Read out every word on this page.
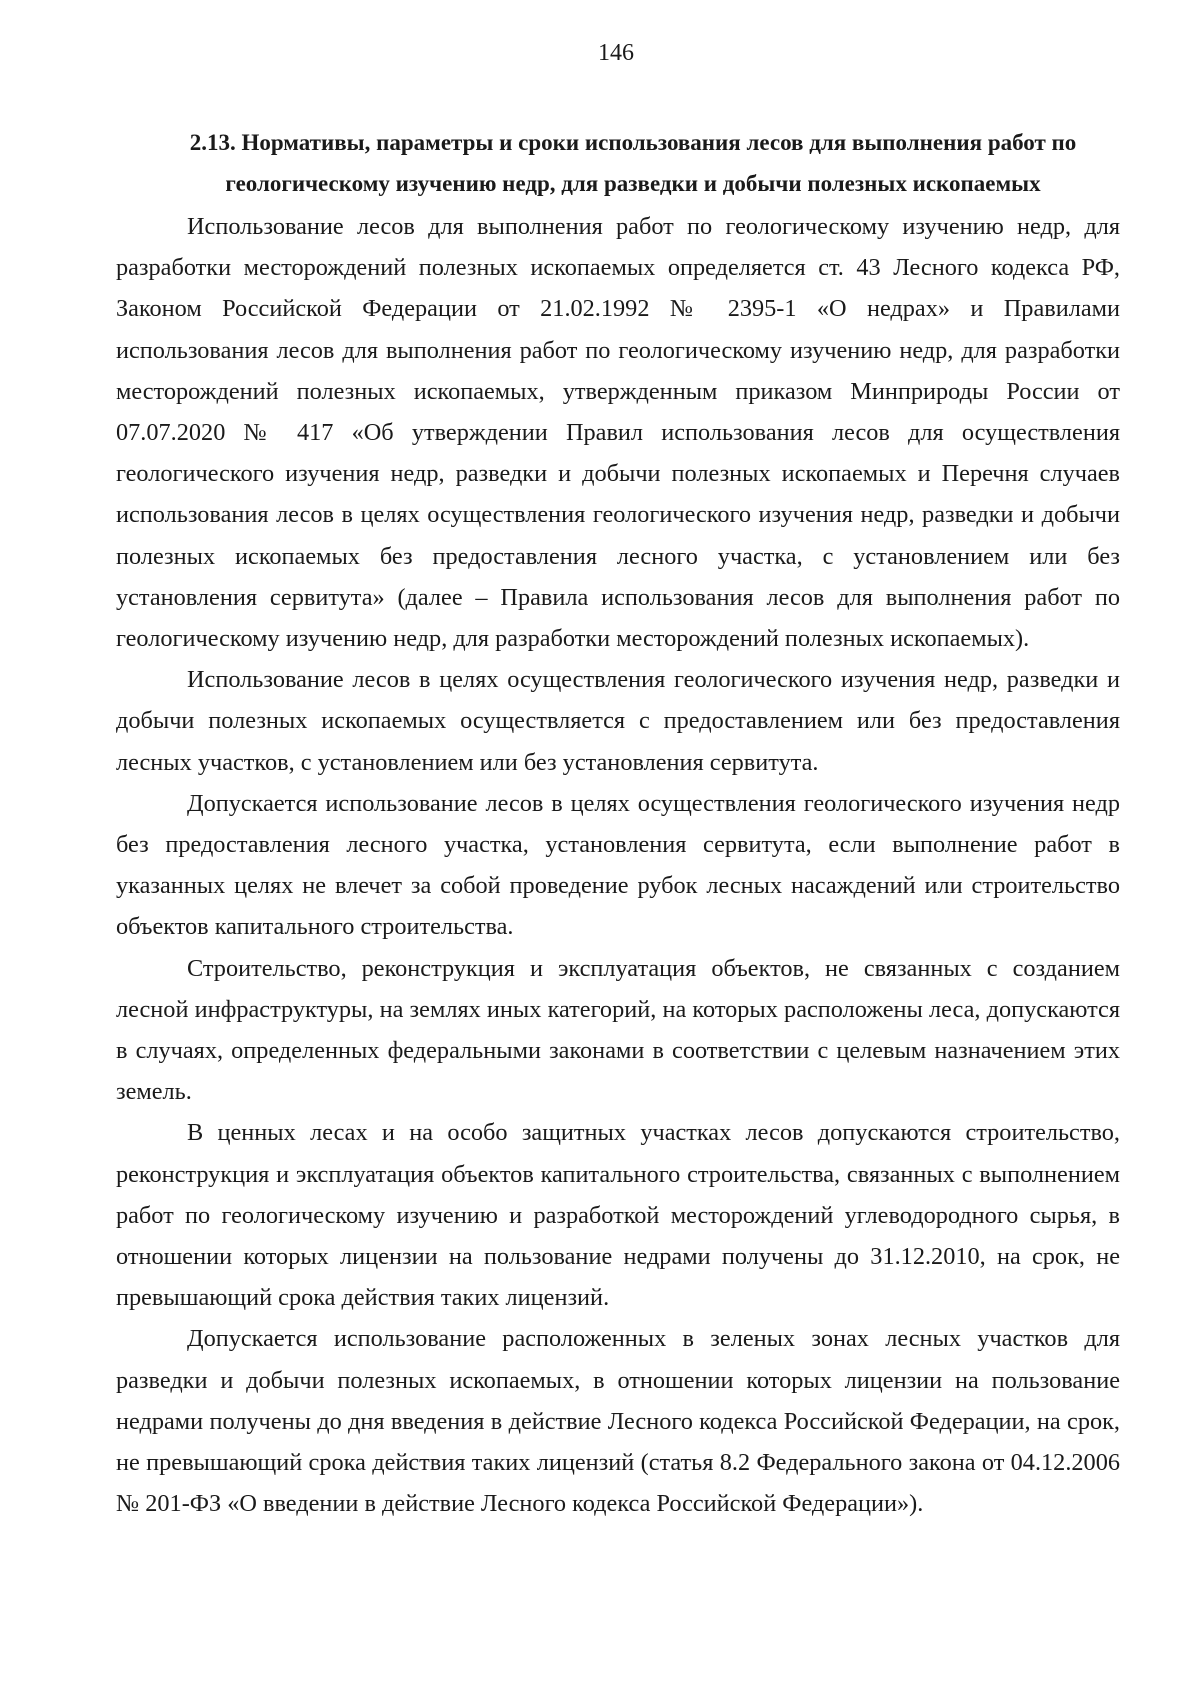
146
2.13. Нормативы, параметры и сроки использования лесов для выполнения работ по геологическому изучению недр, для разведки и добычи полезных ископаемых

Использование лесов для выполнения работ по геологическому изучению недр, для разработки месторождений полезных ископаемых определяется ст. 43 Лесного кодекса РФ, Законом Российской Федерации от 21.02.1992 № 2395-1 «О недрах» и Правилами использования лесов для выполнения работ по геологическому изучению недр, для разработки месторождений полезных ископаемых, утвержденным приказом Минприроды России от 07.07.2020 № 417 «Об утверждении Правил использования лесов для осуществления геологического изучения недр, разведки и добычи полезных ископаемых и Перечня случаев использования лесов в целях осуществления геологического изучения недр, разведки и добычи полезных ископаемых без предоставления лесного участка, с установлением или без установления сервитута» (далее – Правила использования лесов для выполнения работ по геологическому изучению недр, для разработки месторождений полезных ископаемых).

Использование лесов в целях осуществления геологического изучения недр, разведки и добычи полезных ископаемых осуществляется с предоставлением или без предоставления лесных участков, с установлением или без установления сервитута.

Допускается использование лесов в целях осуществления геологического изучения недр без предоставления лесного участка, установления сервитута, если выполнение работ в указанных целях не влечет за собой проведение рубок лесных насаждений или строительство объектов капитального строительства.

Строительство, реконструкция и эксплуатация объектов, не связанных с созданием лесной инфраструктуры, на землях иных категорий, на которых расположены леса, допускаются в случаях, определенных федеральными законами в соответствии с целевым назначением этих земель.

В ценных лесах и на особо защитных участках лесов допускаются строительство, реконструкция и эксплуатация объектов капитального строительства, связанных с выполнением работ по геологическому изучению и разработкой месторождений углеводородного сырья, в отношении которых лицензии на пользование недрами получены до 31.12.2010, на срок, не превышающий срока действия таких лицензий.

Допускается использование расположенных в зеленых зонах лесных участков для разведки и добычи полезных ископаемых, в отношении которых лицензии на пользование недрами получены до дня введения в действие Лесного кодекса Российской Федерации, на срок, не превышающий срока действия таких лицензий (статья 8.2 Федерального закона от 04.12.2006 № 201-ФЗ «О введении в действие Лесного кодекса Российской Федерации»).
